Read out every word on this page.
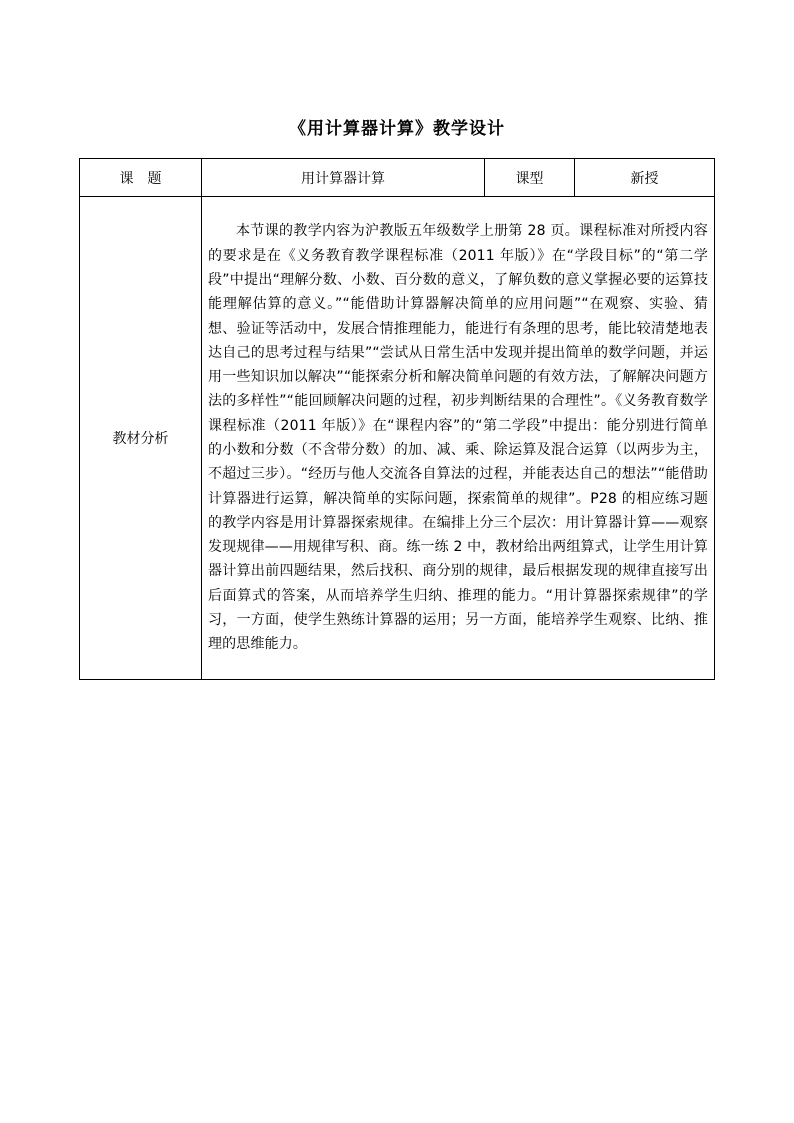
《用计算器计算》教学设计
课　题	用计算器计算	课型	新授
教材分析	本节课的教学内容为沪教版五年级数学上册第 28 页。课程标准对所授内容的要求是在《义务教育教学课程标准（2011 年版）》在“学段目标”的“第二学段”中提出“理解分数、小数、百分数的意义，了解负数的意义掌握必要的运算技能理解估算的意义。”“能借助计算器解决简单的应用问题”“在观察、实验、猜想、验证等活动中，发展合情推理能力，能进行有条理的思考，能比较清楚地表达自己的思考过程与结果”“尝试从日常生活中发现并提出简单的数学问题，并运用一些知识加以解决”“能探索分析和解决简单问题的有效方法，了解解决问题方法的多样性”“能回顾解决问题的过程，初步判断结果的合理性”。《义务教育数学课程标准（2011 年版）》在“课程内容”的“第二学段”中提出：能分别进行简单的小数和分数（不含带分数）的加、减、乘、除运算及混合运算（以两步为主，不超过三步）。“经历与他人交流各自算法的过程，并能表达自己的想法”“能借助计算器进行运算，解决简单的实际问题，探索简单的规律”。P28 的相应练习题的教学内容是用计算器探索规律。在编排上分三个层次：用计算器计算——观察发现规律——用规律写积、商。练一练 2 中，教材给出两组算式，让学生用计算器计算出前四题结果，然后找积、商分别的规律，最后根据发现的规律直接写出后面算式的答案，从而培养学生归纳、推理的能力。“用计算器探索规律”的学习，一方面，使学生熟练计算器的运用；另一方面，能培养学生观察、比纳、推理的思维能力。		
